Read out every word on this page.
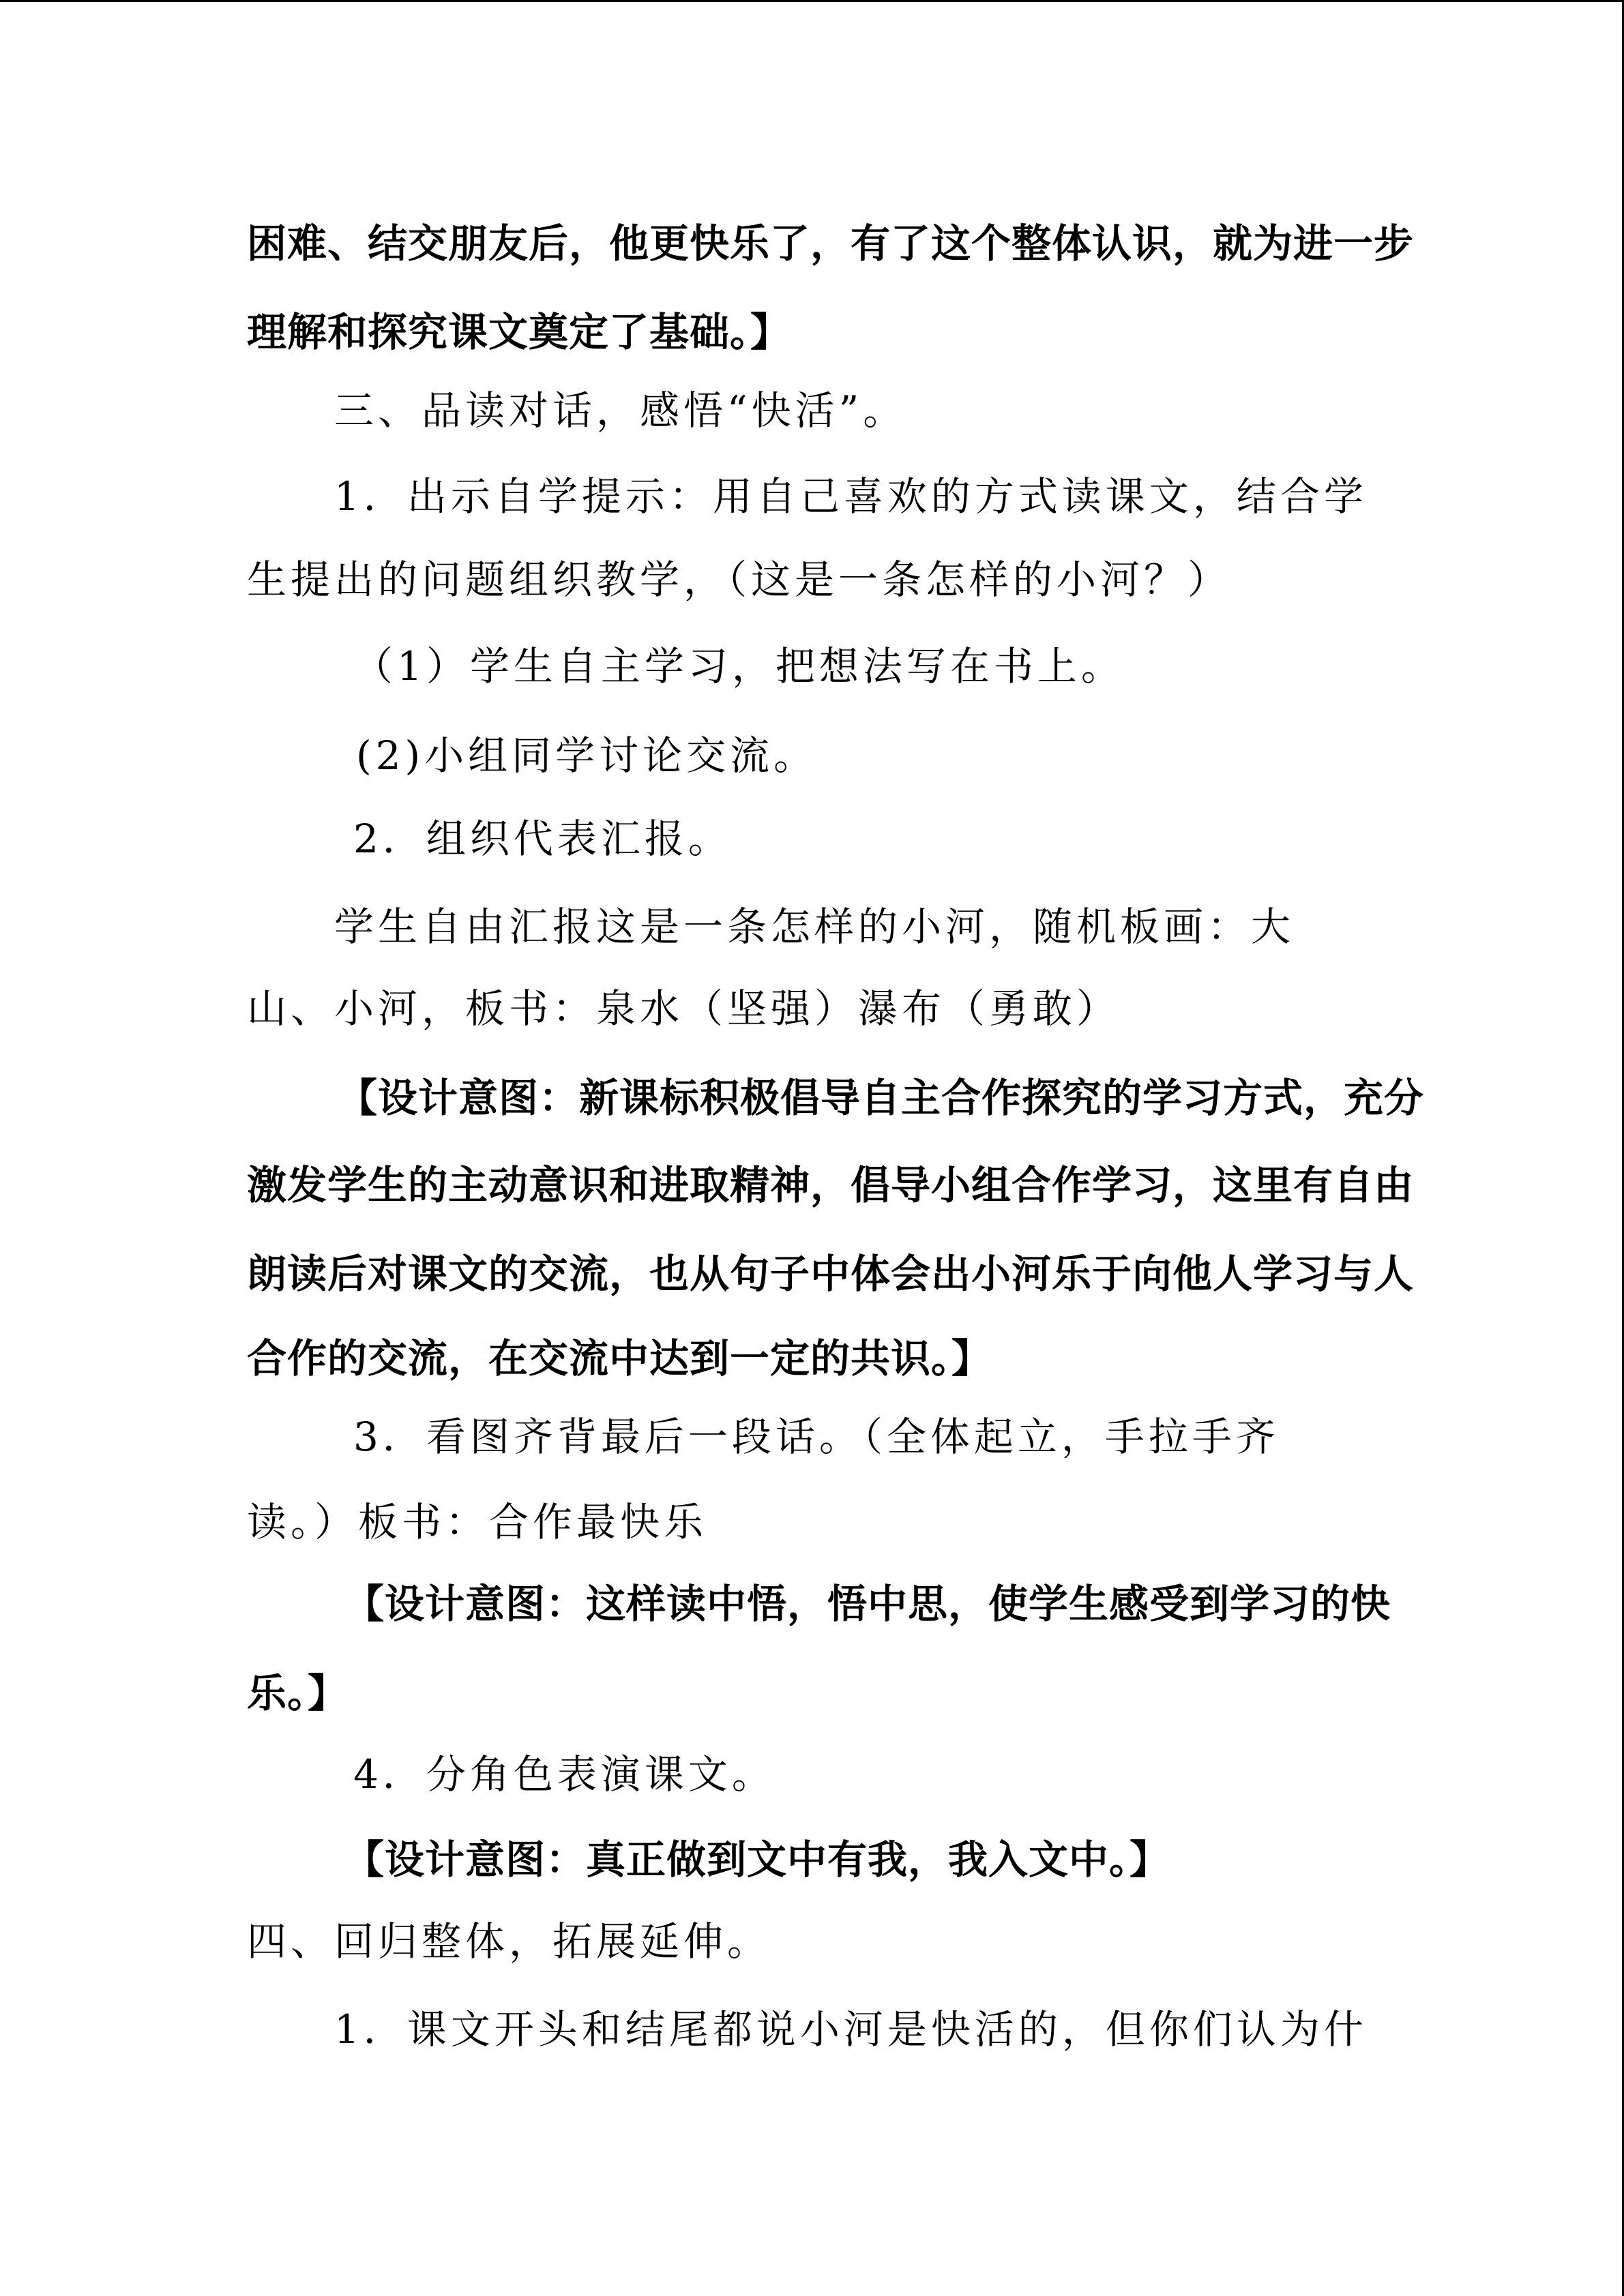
困难、结交朋友后，他更快乐了，有了这个整体认识，就为进一步
理解和探究课文奠定了基础。】
三、品读对话，感悟“快活”。
1．出示自学提示：用自己喜欢的方式读课文，结合学
生提出的问题组织教学，（这是一条怎样的小河？）
（1）学生自主学习，把想法写在书上。
(2)小组同学讨论交流。
2．组织代表汇报。
学生自由汇报这是一条怎样的小河，随机板画：大
山、小河，板书：泉水（坚强）瀑布（勇敢）
【设计意图：新课标积极倡导自主合作探究的学习方式，充分
激发学生的主动意识和进取精神，倡导小组合作学习，这里有自由
朗读后对课文的交流，也从句子中体会出小河乐于向他人学习与人
合作的交流，在交流中达到一定的共识。】
3．看图齐背最后一段话。（全体起立，手拉手齐
读。）板书：合作最快乐
【设计意图：这样读中悟，悟中思，使学生感受到学习的快
乐。】
4．分角色表演课文。
【设计意图：真正做到文中有我，我入文中。】
四、回归整体，拓展延伸。
1．课文开头和结尾都说小河是快活的，但你们认为什
